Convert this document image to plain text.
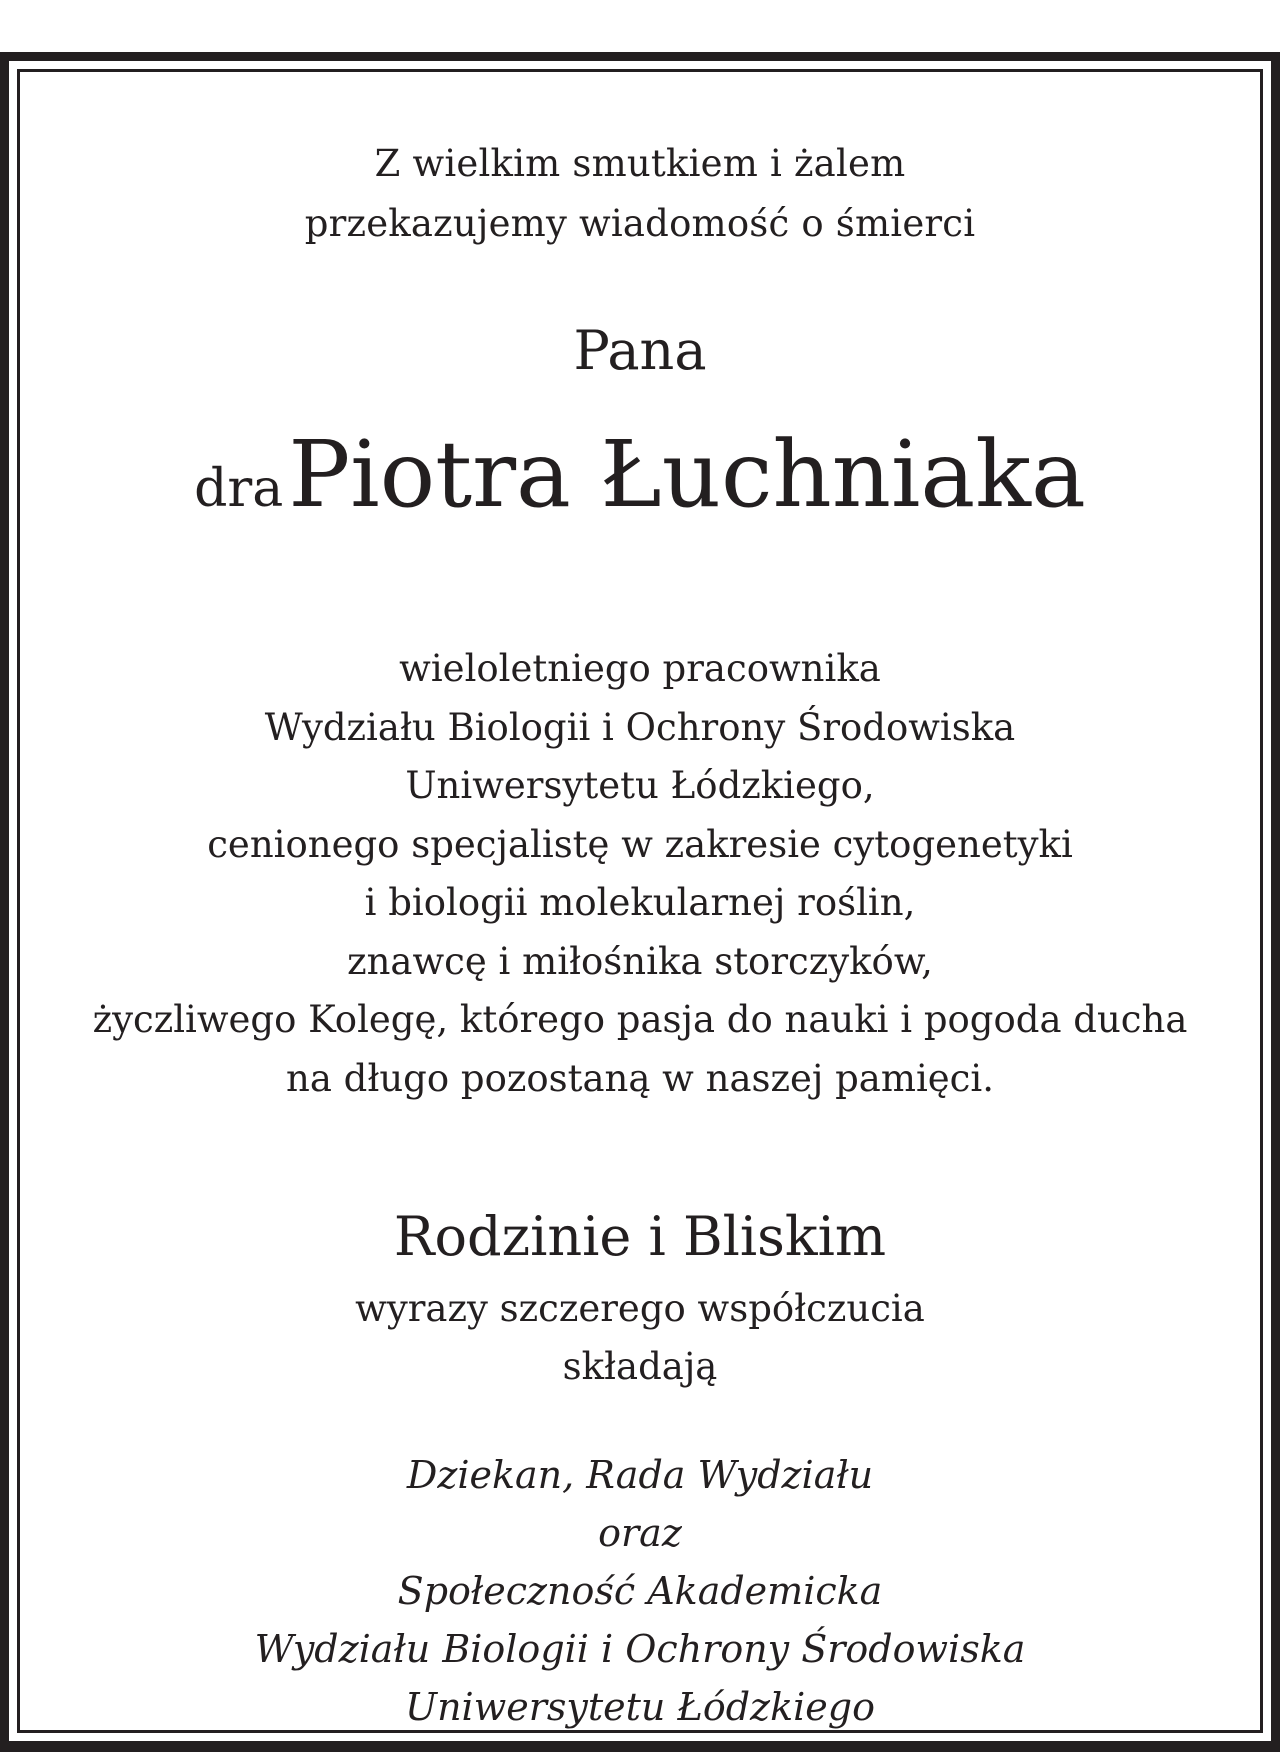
Z wielkim smutkiem i żalem
przekazujemy wiadomość o śmierci
Pana
dra Piotra Łuchniaka
wieloletniego pracownika
Wydziału Biologii i Ochrony Środowiska
Uniwersytetu Łódzkiego,
cenionego specjalistę w zakresie cytogenetyki
i biologii molekularnej roślin,
znawcę i miłośnika storczyków,
życzliwego Kolegę, którego pasja do nauki i pogoda ducha
na długo pozostaną w naszej pamięci.
Rodzinie i Bliskim
wyrazy szczerego współczucia
składają
Dziekan, Rada Wydziału
oraz
Społeczność Akademicka
Wydziału Biologii i Ochrony Środowiska
Uniwersytetu Łódzkiego
